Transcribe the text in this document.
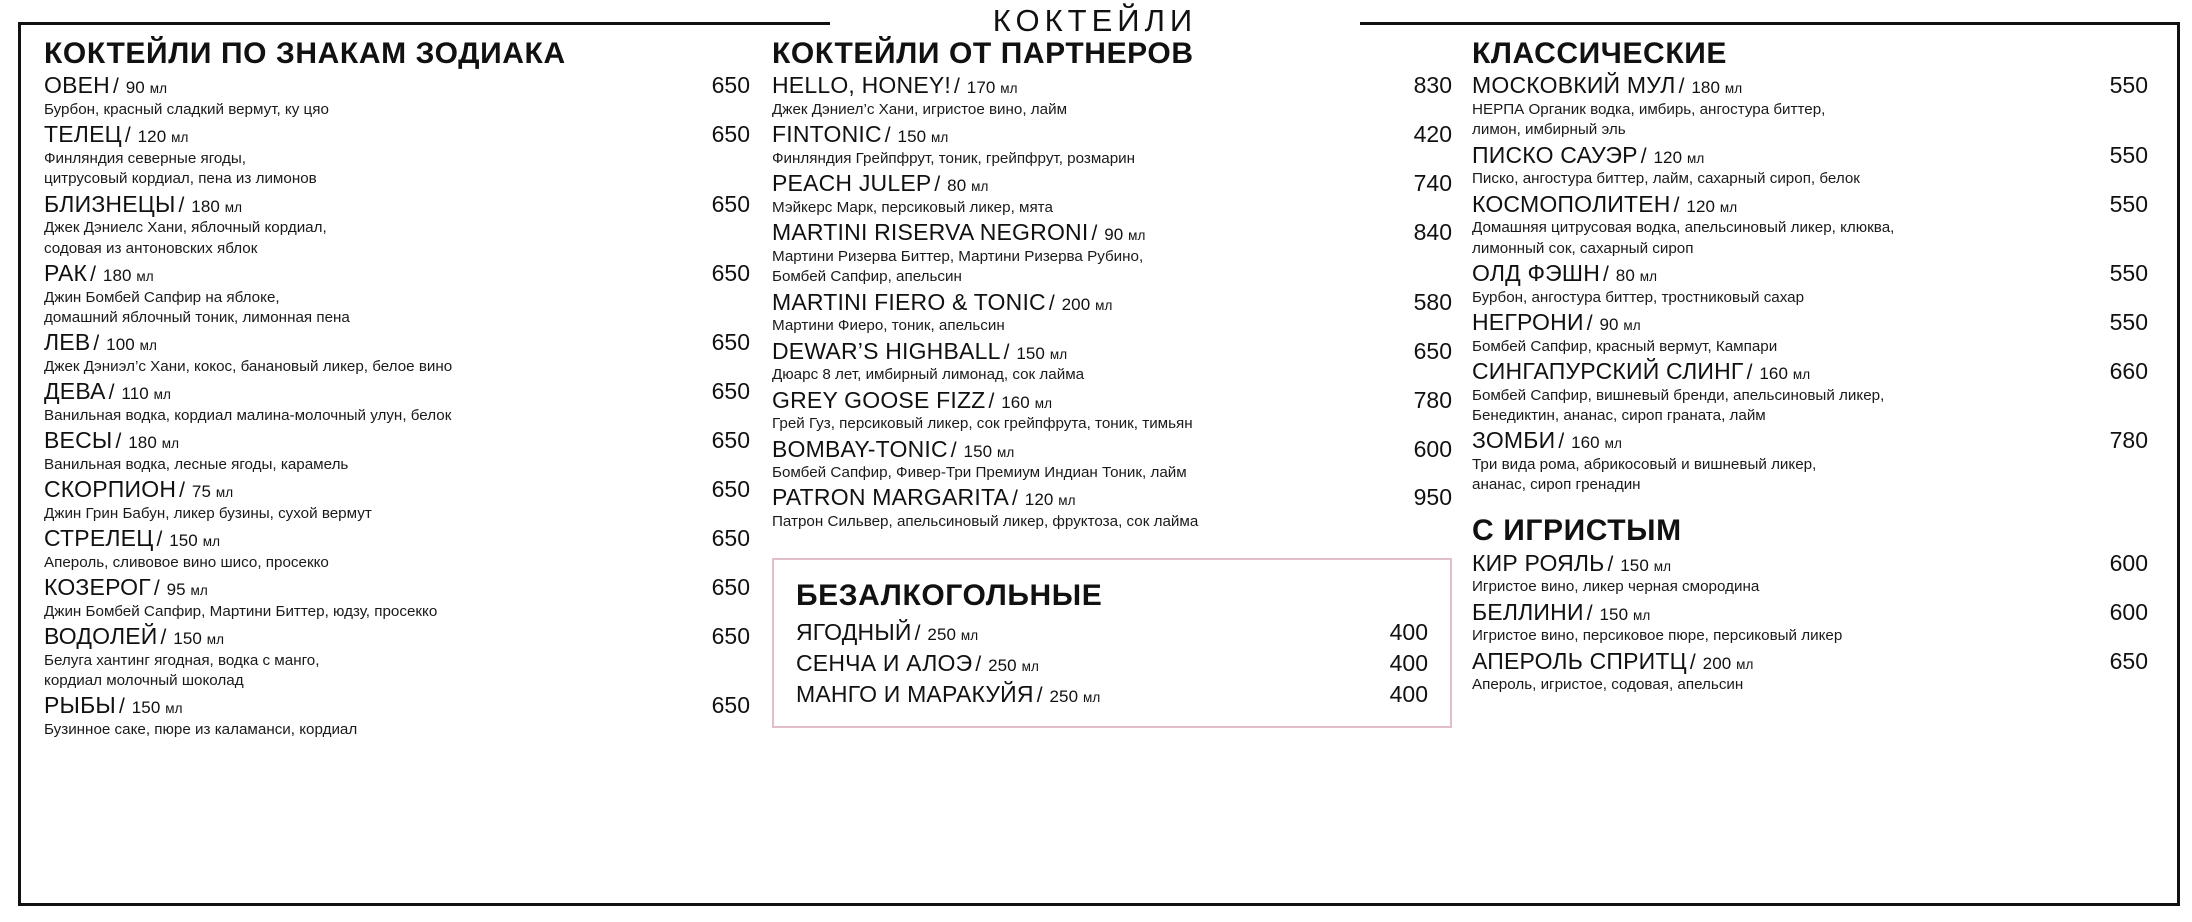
КОКТЕЙЛИ
КОКТЕЙЛИ ПО ЗНАКАМ ЗОДИАКА
ОВЕН / 90 мл	650
Бурбон, красный сладкий вермут, ку цяо
ТЕЛЕЦ / 120 мл	650
Финляндия северные ягоды,
цитрусовый кордиал, пена из лимонов
БЛИЗНЕЦЫ / 180 мл	650
Джек Дэниелс Хани, яблочный кордиал,
содовая из антоновских яблок
РАК / 180 мл	650
Джин Бомбей Сапфир на яблоке,
домашний яблочный тоник, лимонная пена
ЛЕВ / 100 мл	650
Джек Дэниэл’с Хани, кокос, банановый ликер, белое вино
ДЕВА / 110 мл	650
Ванильная водка, кордиал малина-молочный улун, белок
ВЕСЫ / 180 мл	650
Ванильная водка, лесные ягоды, карамель
СКОРПИОН / 75 мл	650
Джин Грин Бабун, ликер бузины, сухой вермут
СТРЕЛЕЦ / 150 мл	650
Апероль, сливовое вино шисо, просекко
КОЗЕРОГ / 95 мл	650
Джин Бомбей Сапфир, Мартини Биттер, юдзу, просекко
ВОДОЛЕЙ / 150 мл	650
Белуга хантинг ягодная, водка с манго,
кордиал молочный шоколад
РЫБЫ / 150 мл	650
Бузинное саке, пюре из каламанси, кордиал
КОКТЕЙЛИ ОТ ПАРТНЕРОВ
HELLO, HONEY! / 170 мл	830
Джек Дэниел’с Хани, игристое вино, лайм
FINTONIC / 150 мл	420
Финляндия Грейпфрут, тоник, грейпфрут, розмарин
PEACH JULEP / 80 мл	740
Мэйкерс Марк, персиковый ликер, мята
MARTINI RISERVA NEGRONI / 90 мл	840
Мартини Ризерва Биттер, Мартини Ризерва Рубино,
Бомбей Сапфир, апельсин
MARTINI FIERO & TONIC / 200 мл	580
Мартини Фиеро, тоник, апельсин
DEWAR’S HIGHBALL / 150 мл	650
Дюарс 8 лет, имбирный лимонад, сок лайма
GREY GOOSE FIZZ / 160 мл	780
Грей Гуз, персиковый ликер, сок грейпфрута, тоник, тимьян
BOMBAY-TONIC / 150 мл	600
Бомбей Сапфир, Фивер-Три Премиум Индиан Тоник, лайм
PATRON MARGARITA / 120 мл	950
Патрон Сильвер, апельсиновый ликер, фруктоза, сок лайма
БЕЗАЛКОГОЛЬНЫЕ
ЯГОДНЫЙ / 250 мл	400
СЕНЧА И АЛОЭ / 250 мл	400
МАНГО И МАРАКУЙЯ / 250 мл	400
КЛАССИЧЕСКИЕ
МОСКОВКИЙ МУЛ / 180 мл	550
НЕРПА Органик водка, имбирь, ангостура биттер,
лимон, имбирный эль
ПИСКО САУЭР / 120 мл	550
Писко, ангостура биттер, лайм, сахарный сироп, белок
КОСМОПОЛИТЕН / 120 мл	550
Домашняя цитрусовая водка, апельсиновый ликер, клюква,
лимонный сок, сахарный сироп
ОЛД ФЭШН / 80 мл	550
Бурбон, ангостура биттер, тростниковый сахар
НЕГРОНИ / 90 мл	550
Бомбей Сапфир, красный вермут, Кампари
СИНГАПУРСКИЙ СЛИНГ / 160 мл	660
Бомбей Сапфир, вишневый бренди, апельсиновый ликер,
Бенедиктин, ананас, сироп граната, лайм
ЗОМБИ / 160 мл	780
Три вида рома, абрикосовый и вишневый ликер,
ананас, сироп гренадин
С ИГРИСТЫМ
КИР РОЯЛЬ / 150 мл	600
Игристое вино, ликер черная смородина
БЕЛЛИНИ / 150 мл	600
Игристое вино, персиковое пюре, персиковый ликер
АПЕРОЛЬ СПРИТЦ / 200 мл	650
Апероль, игристое, содовая, апельсин
